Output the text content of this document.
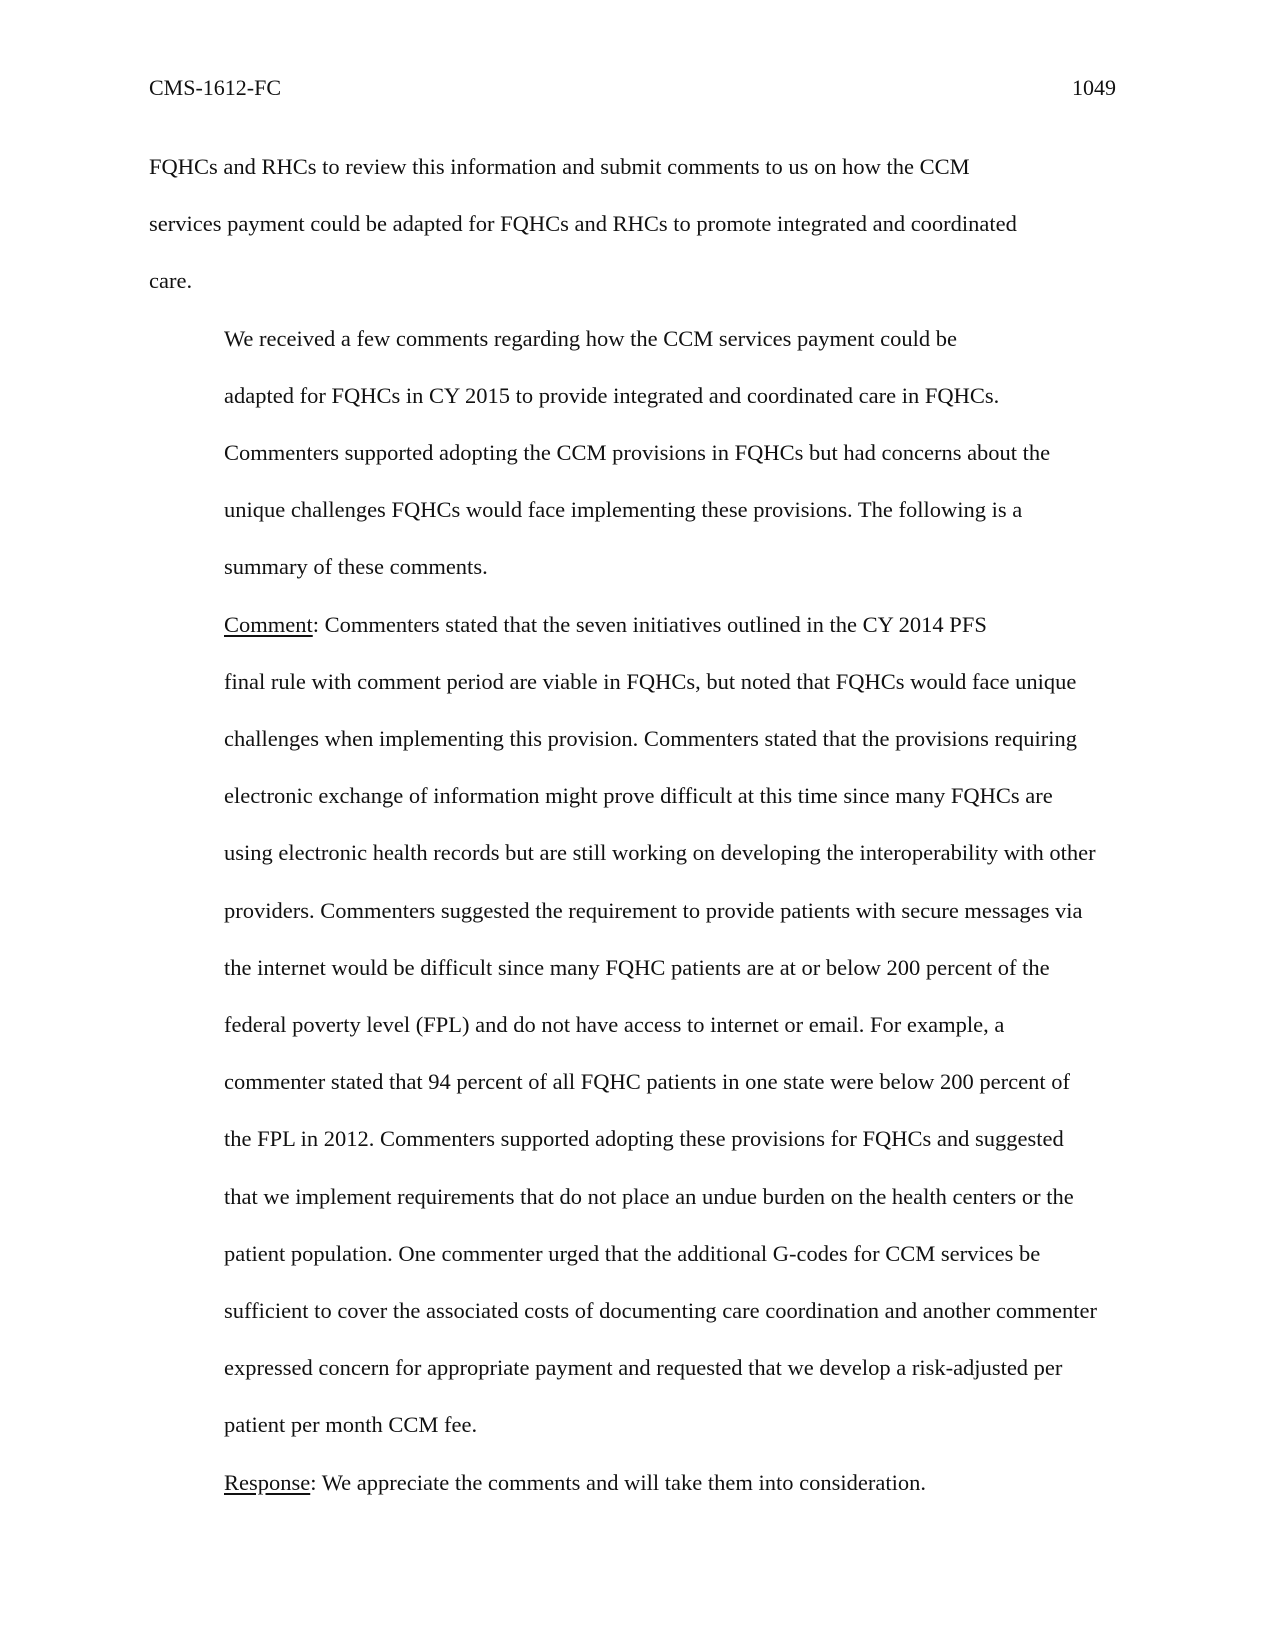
CMS-1612-FC	1049

FQHCs and RHCs to review this information and submit comments to us on how the CCM
services payment could be adapted for FQHCs and RHCs to promote integrated and coordinated
care.

We received a few comments regarding how the CCM services payment could be
adapted for FQHCs in CY 2015 to provide integrated and coordinated care in FQHCs.
Commenters supported adopting the CCM provisions in FQHCs but had concerns about the
unique challenges FQHCs would face implementing these provisions. The following is a
summary of these comments.

Comment: Commenters stated that the seven initiatives outlined in the CY 2014 PFS
final rule with comment period are viable in FQHCs, but noted that FQHCs would face unique
challenges when implementing this provision. Commenters stated that the provisions requiring
electronic exchange of information might prove difficult at this time since many FQHCs are
using electronic health records but are still working on developing the interoperability with other
providers. Commenters suggested the requirement to provide patients with secure messages via
the internet would be difficult since many FQHC patients are at or below 200 percent of the
federal poverty level (FPL) and do not have access to internet or email. For example, a
commenter stated that 94 percent of all FQHC patients in one state were below 200 percent of
the FPL in 2012. Commenters supported adopting these provisions for FQHCs and suggested
that we implement requirements that do not place an undue burden on the health centers or the
patient population. One commenter urged that the additional G-codes for CCM services be
sufficient to cover the associated costs of documenting care coordination and another commenter
expressed concern for appropriate payment and requested that we develop a risk-adjusted per
patient per month CCM fee.

Response: We appreciate the comments and will take them into consideration.
